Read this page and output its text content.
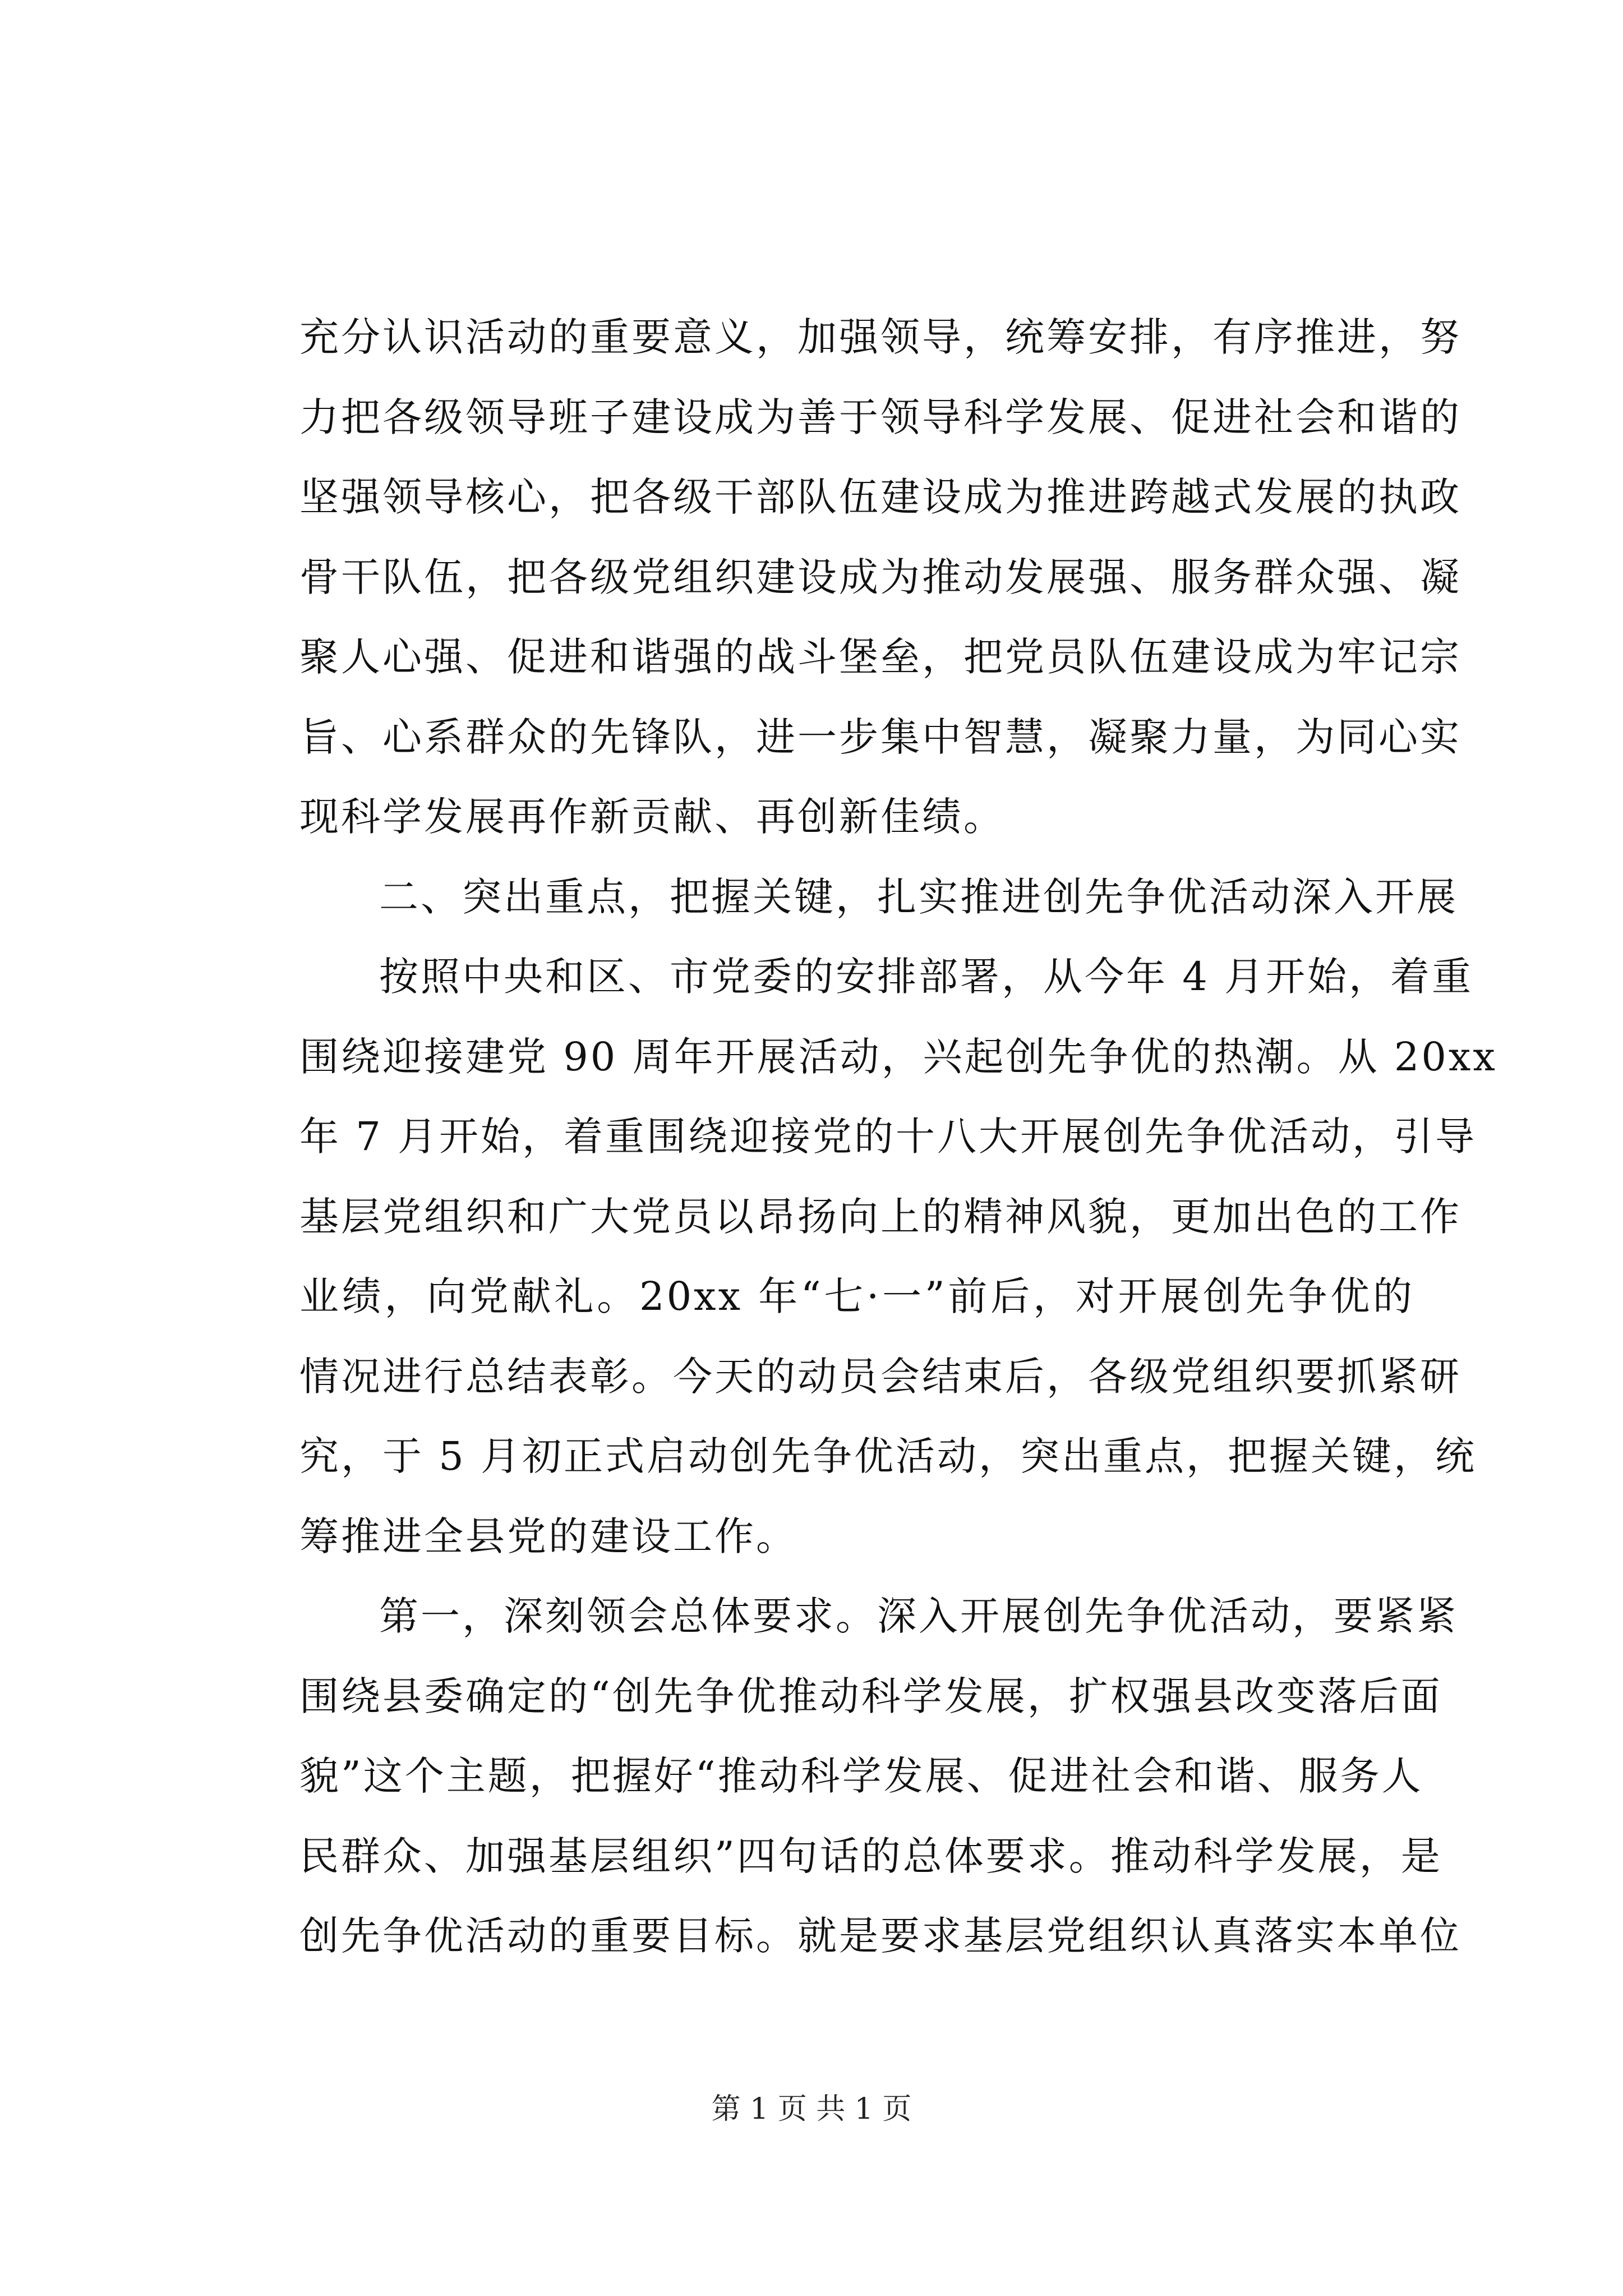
充分认识活动的重要意义，加强领导，统筹安排，有序推进，努
力把各级领导班子建设成为善于领导科学发展、促进社会和谐的
坚强领导核心，把各级干部队伍建设成为推进跨越式发展的执政
骨干队伍，把各级党组织建设成为推动发展强、服务群众强、凝
聚人心强、促进和谐强的战斗堡垒，把党员队伍建设成为牢记宗
旨、心系群众的先锋队，进一步集中智慧，凝聚力量，为同心实
现科学发展再作新贡献、再创新佳绩。
二、突出重点，把握关键，扎实推进创先争优活动深入开展
按照中央和区、市党委的安排部署，从今年 4 月开始，着重
围绕迎接建党 90 周年开展活动，兴起创先争优的热潮。从 20xx
年 7 月开始，着重围绕迎接党的十八大开展创先争优活动，引导
基层党组织和广大党员以昂扬向上的精神风貌，更加出色的工作
业绩，向党献礼。20xx 年“七·一”前后，对开展创先争优的
情况进行总结表彰。今天的动员会结束后，各级党组织要抓紧研
究，于 5 月初正式启动创先争优活动，突出重点，把握关键，统
筹推进全县党的建设工作。
第一，深刻领会总体要求。深入开展创先争优活动，要紧紧
围绕县委确定的“创先争优推动科学发展，扩权强县改变落后面
貌”这个主题，把握好“推动科学发展、促进社会和谐、服务人
民群众、加强基层组织”四句话的总体要求。推动科学发展，是
创先争优活动的重要目标。就是要求基层党组织认真落实本单位
第 1 页 共 1 页
